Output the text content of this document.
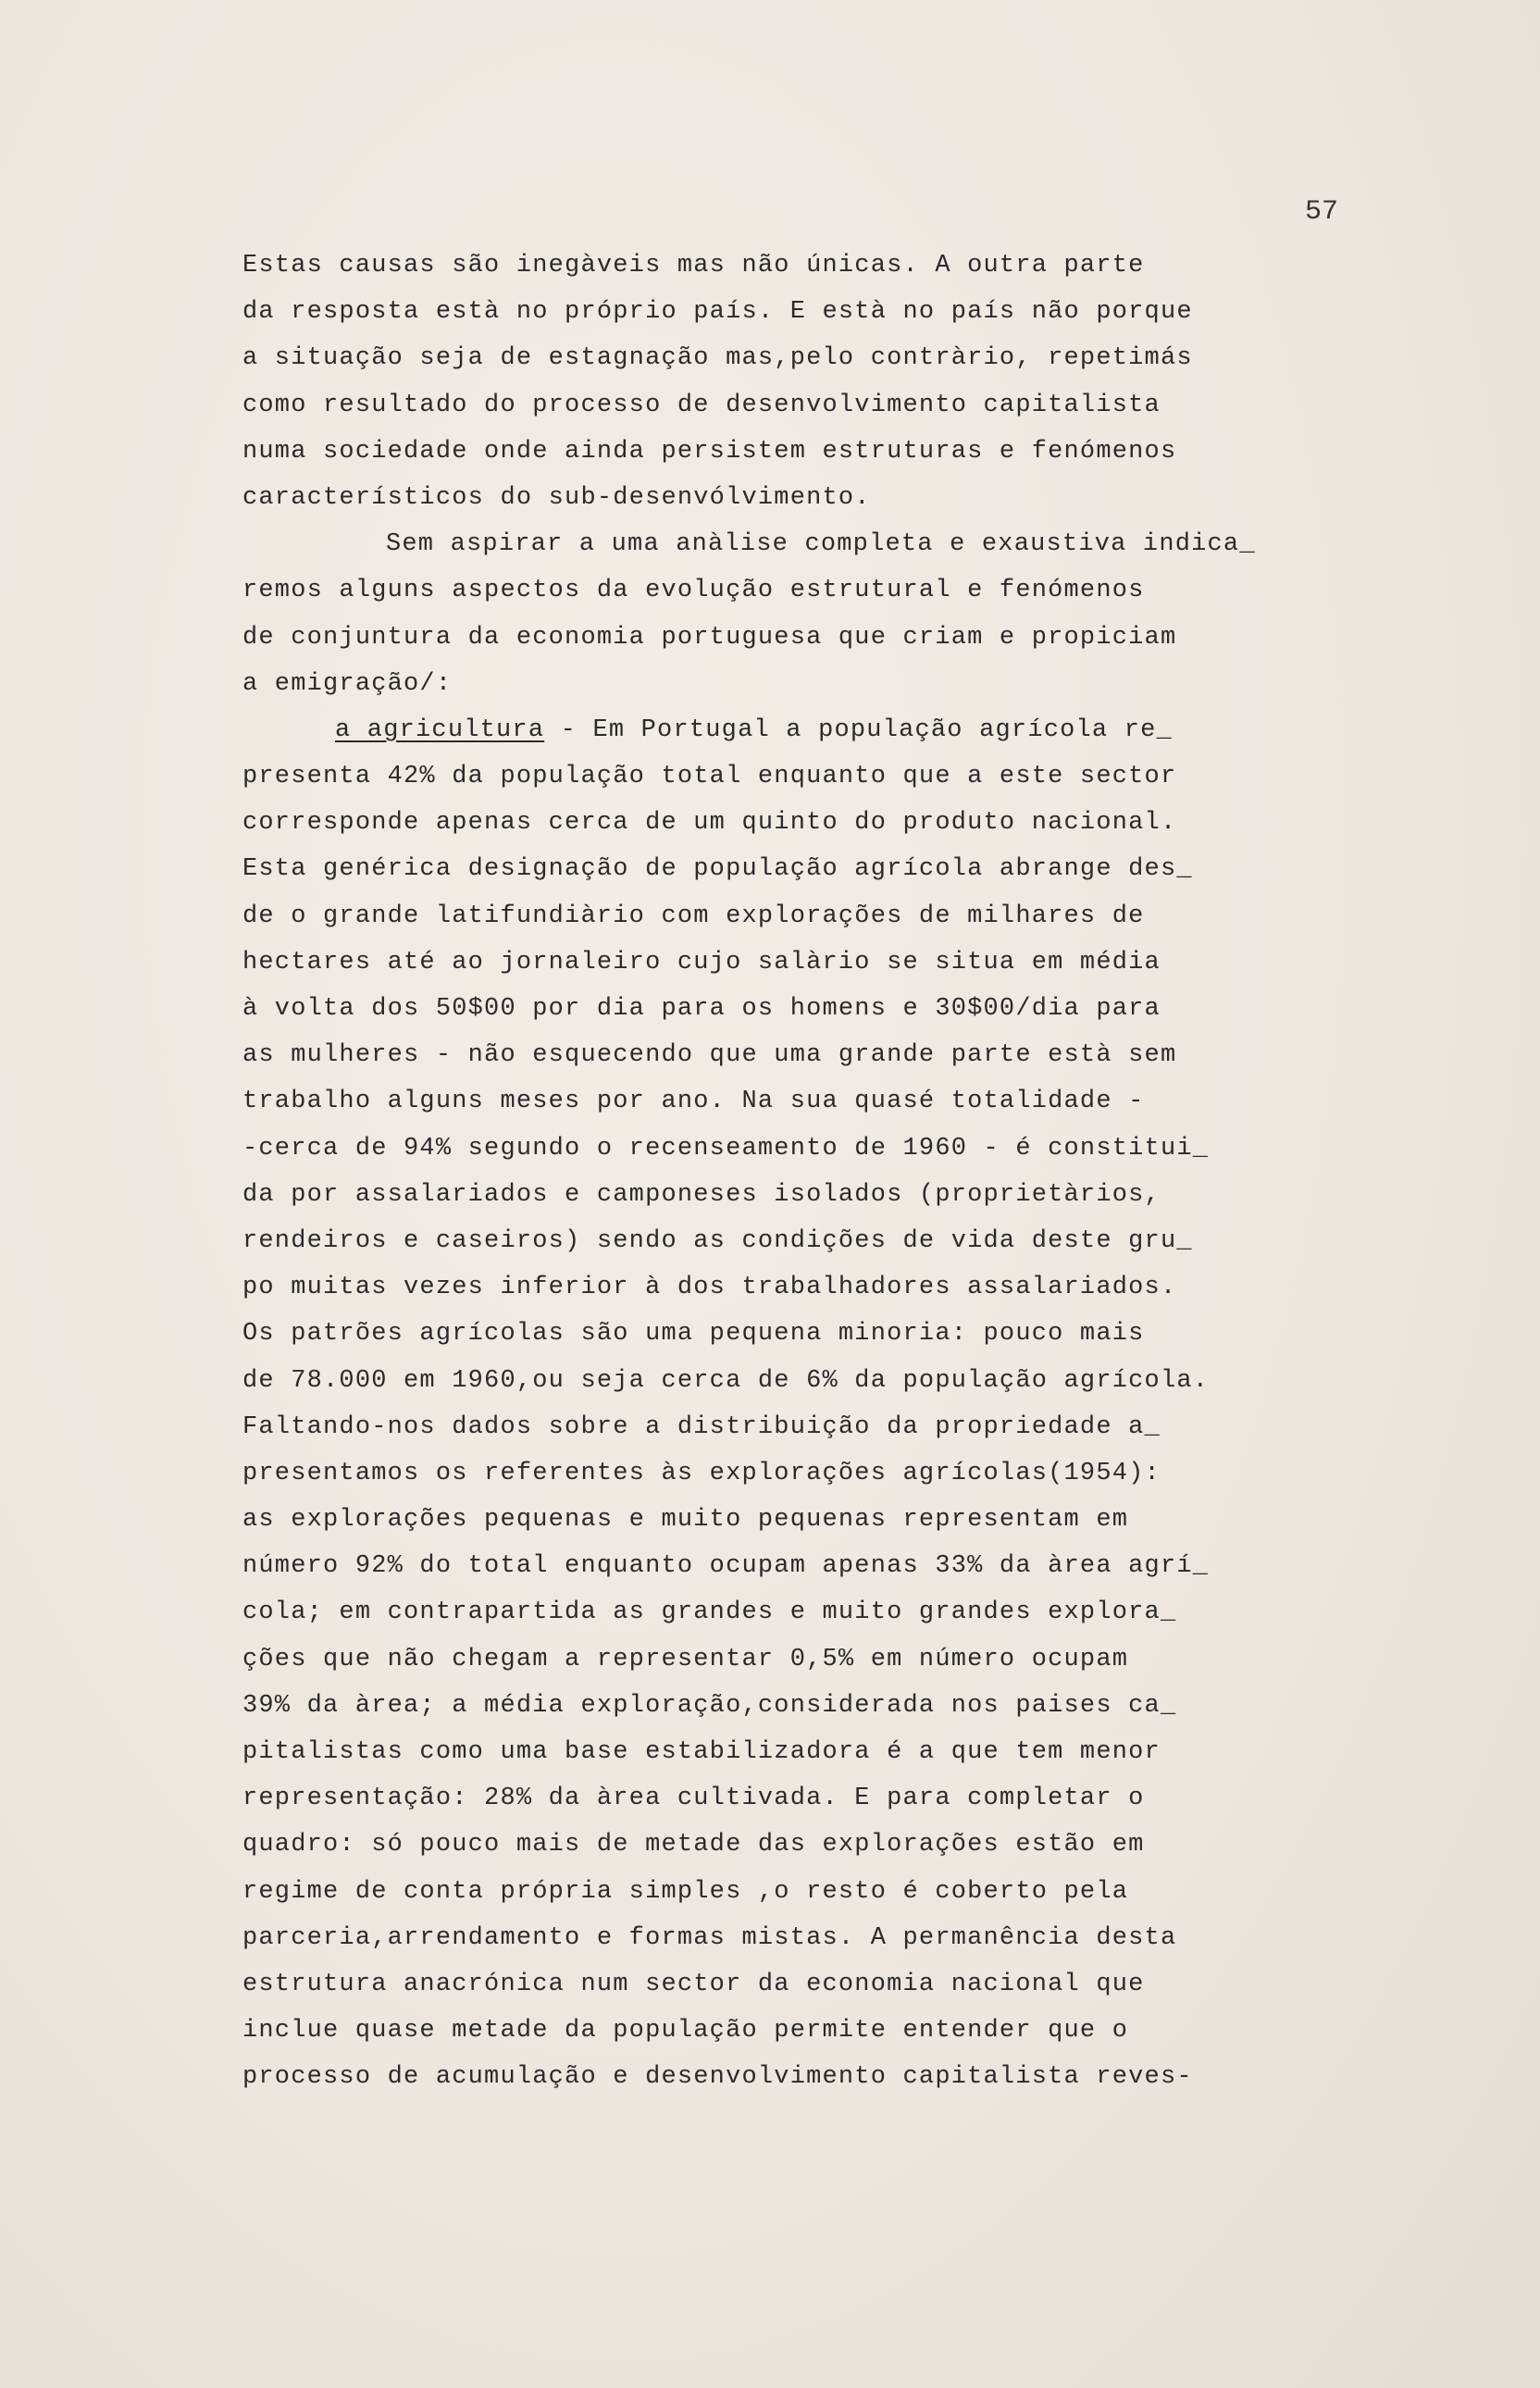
57
Estas causas são inegàveis mas não únicas. A outra parte
da resposta està no próprio país. E està no país não porque
a situação seja de estagnação mas,pelo contràrio, repetimás
como resultado do processo de desenvolvimento capitalista
numa sociedade onde ainda persistem estruturas e fenómenos
característicos do sub-desenvólvimento.
Sem aspirar a uma anàlise completa e exaustiva indica_
remos alguns aspectos da evolução estrutural e fenómenos
de conjuntura da economia portuguesa que criam e propiciam
a emigração/:
a agricultura - Em Portugal a população agrícola re_
presenta 42% da população total enquanto que a este sector
corresponde apenas cerca de um quinto do produto nacional.
Esta genérica designação de população agrícola abrange des_
de o grande latifundiàrio com explorações de milhares de
hectares até ao jornaleiro cujo salàrio se situa em média
à volta dos 50$00 por dia para os homens e 30$00/dia para
as mulheres - não esquecendo que uma grande parte està sem
trabalho alguns meses por ano. Na sua quasé totalidade -
-cerca de 94% segundo o recenseamento de 1960 - é constitui_
da por assalariados e camponeses isolados (proprietàrios,
rendeiros e caseiros) sendo as condições de vida deste gru_
po muitas vezes inferior à dos trabalhadores assalariados.
Os patrões agrícolas são uma pequena minoria: pouco mais
de 78.000 em 1960,ou seja cerca de 6% da população agrícola.
Faltando-nos dados sobre a distribuição da propriedade a_
presentamos os referentes às explorações agrícolas(1954):
as explorações pequenas e muito pequenas representam em
número 92% do total enquanto ocupam apenas 33% da àrea agrí_
cola; em contrapartida as grandes e muito grandes explora_
ções que não chegam a representar 0,5% em número ocupam
39% da àrea; a média exploração,considerada nos paises ca_
pitalistas como uma base estabilizadora é a que tem menor
representação: 28% da àrea cultivada. E para completar o
quadro: só pouco mais de metade das explorações estão em
regime de conta própria simples ,o resto é coberto pela
parceria,arrendamento e formas mistas. A permanência desta
estrutura anacrónica num sector da economia nacional que
inclue quase metade da população permite entender que o
processo de acumulação e desenvolvimento capitalista reves-
